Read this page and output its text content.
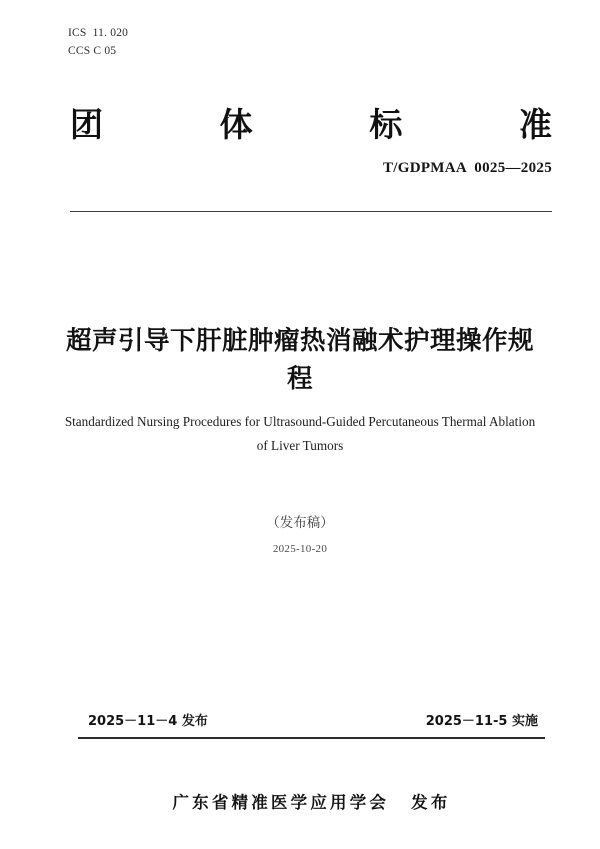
ICS  11. 020
CCS C 05
团	体	标	准
T/GDPMAA  0025—2025
超声引导下肝脏肿瘤热消融术护理操作规程
Standardized Nursing Procedures for Ultrasound-Guided Percutaneous Thermal Ablation of Liver Tumors
（发布稿）
2025-10-20
2025－11－4 发布	2025－11-5 实施

广东省精准医学应用学会 发布
